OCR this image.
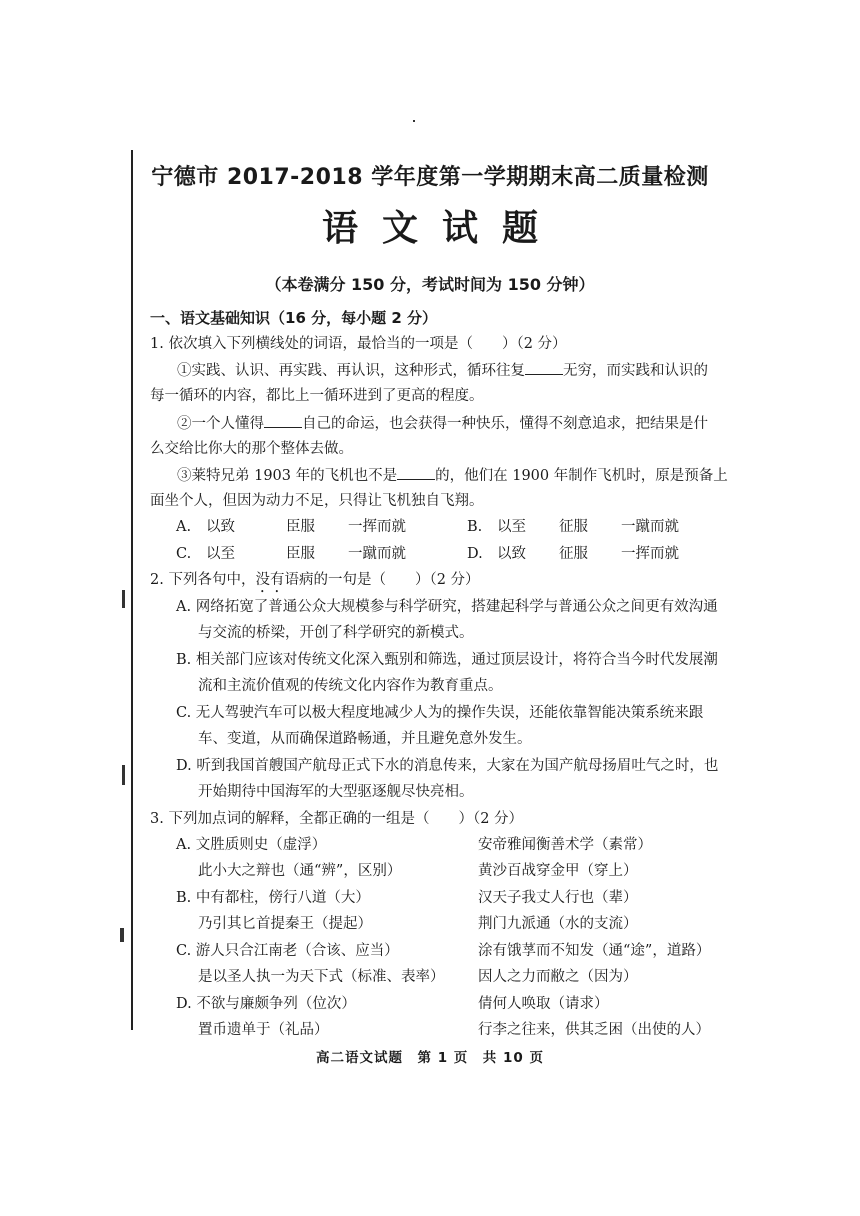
宁德市 2017-2018 学年度第一学期期末高二质量检测
语文试题
（本卷满分 150 分，考试时间为 150 分钟）
一、语文基础知识（16 分，每小题 2 分）
1. 依次填入下列横线处的词语，最恰当的一项是（　　）（2 分）
①实践、认识、再实践、再认识，这种形式，循环往复	无穷，而实践和认识的
每一循环的内容，都比上一循环进到了更高的程度。
②一个人懂得	自己的命运，也会获得一种快乐，懂得不刻意追求，把结果是什
么交给比你大的那个整体去做。
③莱特兄弟 1903 年的飞机也不是	的，他们在 1900 年制作飞机时，原是预备上
面坐个人，但因为动力不足，只得让飞机独自飞翔。
A. 以致	臣服 一挥而就	B. 以至 征服 一蹴而就
C. 以至	臣服 一蹴而就	D. 以致 征服 一挥而就
2. 下列各句中，没有语病的一句是（　　）（2 分）
A. 网络拓宽了普通公众大规模参与科学研究，搭建起科学与普通公众之间更有效沟通
与交流的桥梁，开创了科学研究的新模式。
B. 相关部门应该对传统文化深入甄别和筛选，通过顶层设计，将符合当今时代发展潮
流和主流价值观的传统文化内容作为教育重点。
C. 无人驾驶汽车可以极大程度地减少人为的操作失误，还能依靠智能决策系统来跟
车、变道，从而确保道路畅通，并且避免意外发生。
D. 听到我国首艘国产航母正式下水的消息传来，大家在为国产航母扬眉吐气之时，也
开始期待中国海军的大型驱逐舰尽快亮相。
3. 下列加点词的解释，全都正确的一组是（　　）（2 分）
A. 文胜质则史（虚浮）	安帝雅闻衡善术学（素常）
此小大之辩也（通“辨”，区别）	黄沙百战穿金甲（穿上）
B. 中有都柱，傍行八道（大）	汉天子我丈人行也（辈）
乃引其匕首提秦王（提起）	荆门九派通（水的支流）
C. 游人只合江南老（合该、应当）	涂有饿莩而不知发（通“途”，道路）
是以圣人执一为天下式（标准、表率） 因人之力而敝之（因为）
D. 不欲与廉颇争列（位次）	倩何人唤取（请求）
置币遗单于（礼品）	行李之往来，供其乏困（出使的人）
高二语文试题　第 1 页　共 10 页
